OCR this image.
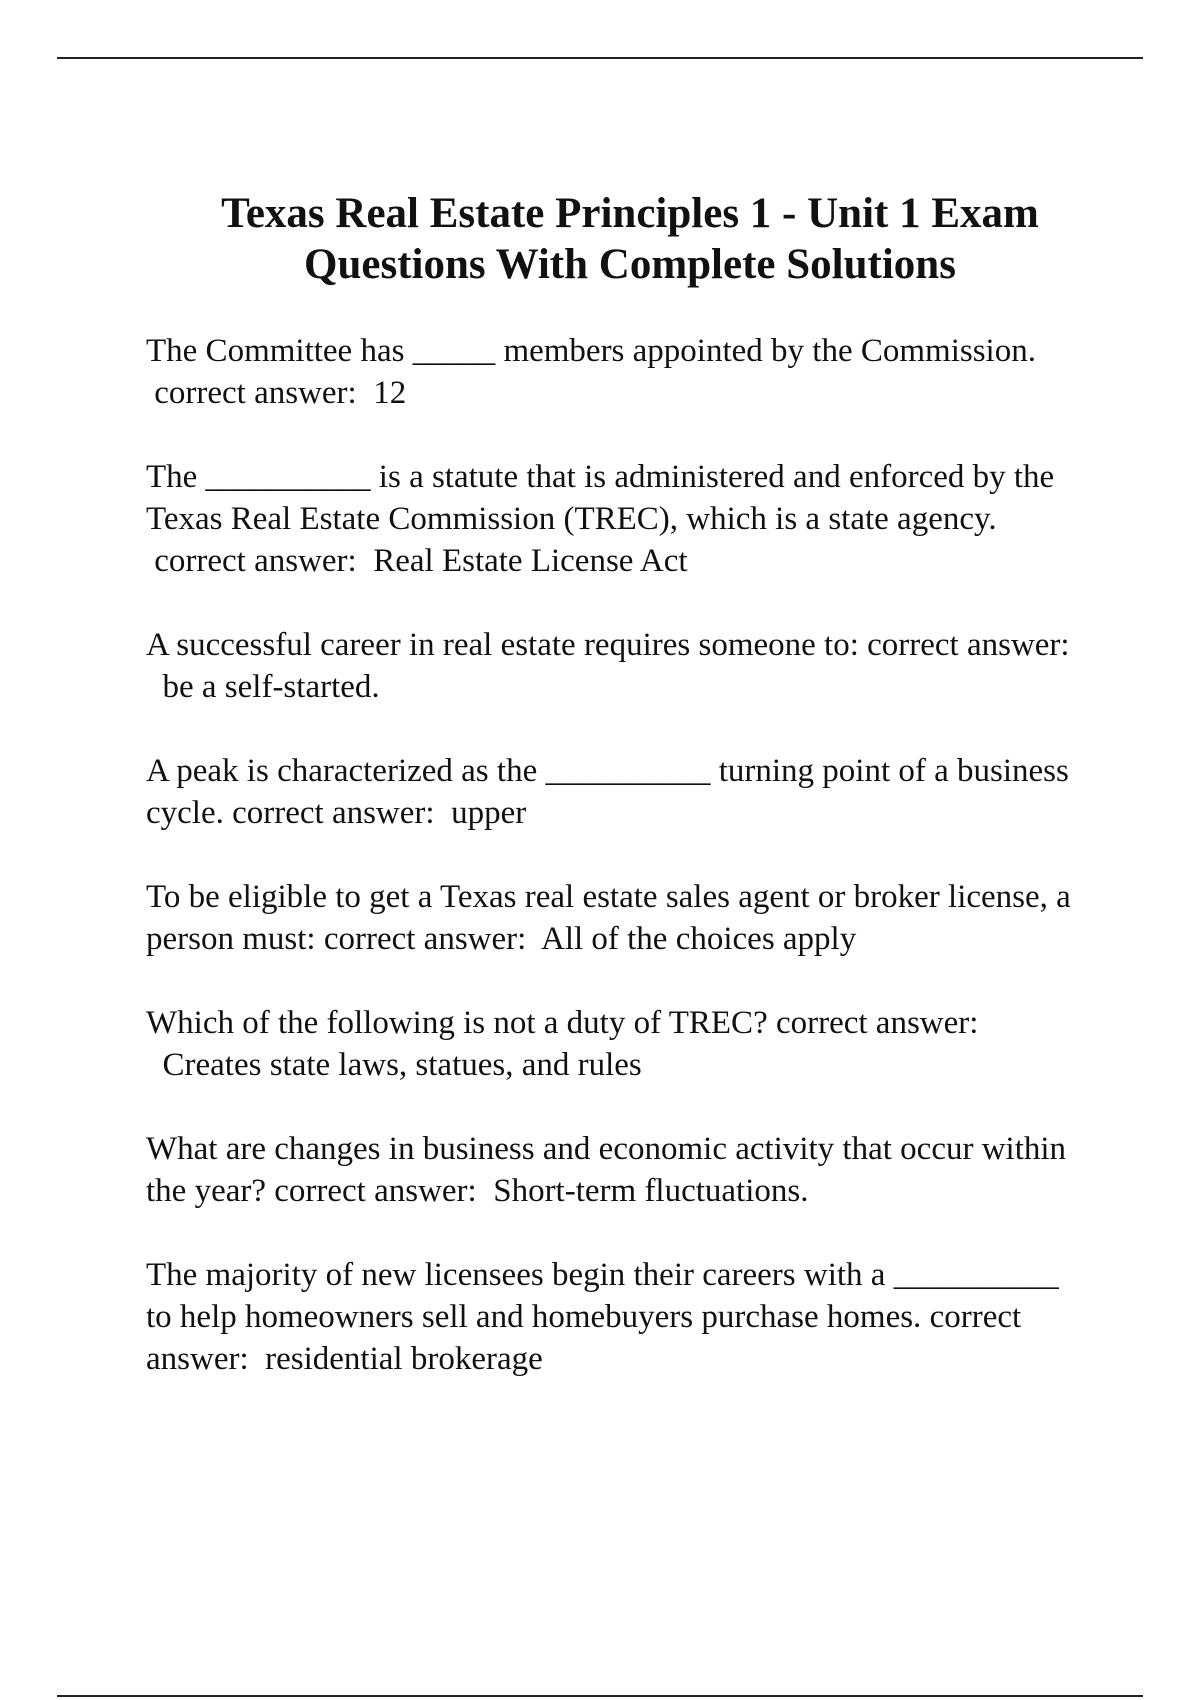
Texas Real Estate Principles 1 - Unit 1 Exam Questions With Complete Solutions
The Committee has _____ members appointed by the Commission. correct answer: 12
The __________ is a statute that is administered and enforced by the Texas Real Estate Commission (TREC), which is a state agency. correct answer: Real Estate License Act
A successful career in real estate requires someone to: correct answer:  be a self-started.
A peak is characterized as the __________ turning point of a business cycle. correct answer: upper
To be eligible to get a Texas real estate sales agent or broker license, a person must: correct answer: All of the choices apply
Which of the following is not a duty of TREC? correct answer:  Creates state laws, statues, and rules
What are changes in business and economic activity that occur within the year? correct answer: Short-term fluctuations.
The majority of new licensees begin their careers with a __________ to help homeowners sell and homebuyers purchase homes. correct answer: residential brokerage
